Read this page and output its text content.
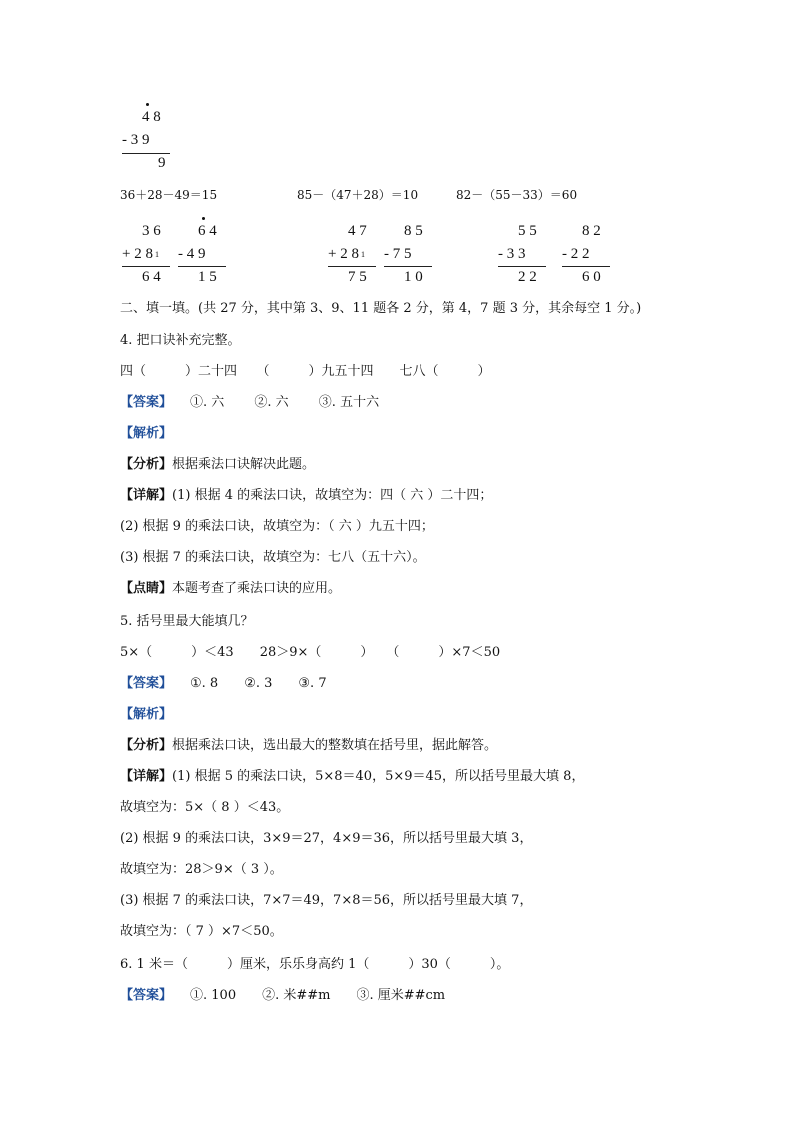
4 8
- 3 9
9
36＋28－49＝15	85－（47＋28）＝10	82－（55－33）＝60
3 6
+ 2 8 1
6 4
6 4
- 4 9
1 5
4 7
+ 2 8 1
7 5
8 5
- 7 5
1 0
5 5
- 3 3
2 2
8 2
- 2 2
6 0
二、填一填。(共 27 分，其中第 3、9、11 题各 2 分，第 4，7 题 3 分，其余每空 1 分。)
4. 把口诀补充完整。
四（　　　）二十四　　（　　　）九五十四　　七八（　　　）
【答案】 ①. 六　　 ②. 六　　 ③. 五十六
【解析】
【分析】根据乘法口诀解决此题。
【详解】(1) 根据 4 的乘法口诀，故填空为：四（ 六 ）二十四；
(2) 根据 9 的乘法口诀，故填空为：（ 六 ）九五十四；
(3) 根据 7 的乘法口诀，故填空为：七八（五十六）。
【点睛】本题考查了乘法口诀的应用。
5. 括号里最大能填几？
5×（　　　）＜43　　28＞9×（　　　）　　（　　　）×7＜50
【答案】 ①. 8　　②. 3　　③. 7
【解析】
【分析】根据乘法口诀，选出最大的整数填在括号里，据此解答。
【详解】(1) 根据 5 的乘法口诀，5×8＝40，5×9＝45，所以括号里最大填 8，
故填空为：5×（ 8 ）＜43。
(2) 根据 9 的乘法口诀，3×9＝27，4×9＝36，所以括号里最大填 3，
故填空为：28＞9×（ 3 ）。
(3) 根据 7 的乘法口诀，7×7＝49，7×8＝56，所以括号里最大填 7，
故填空为：（ 7 ）×7＜50。
6. 1 米＝（　　　）厘米，乐乐身高约 1（　　　）30（　　　）。
【答案】 ①. 100　　②. 米##m　　③. 厘米##cm
